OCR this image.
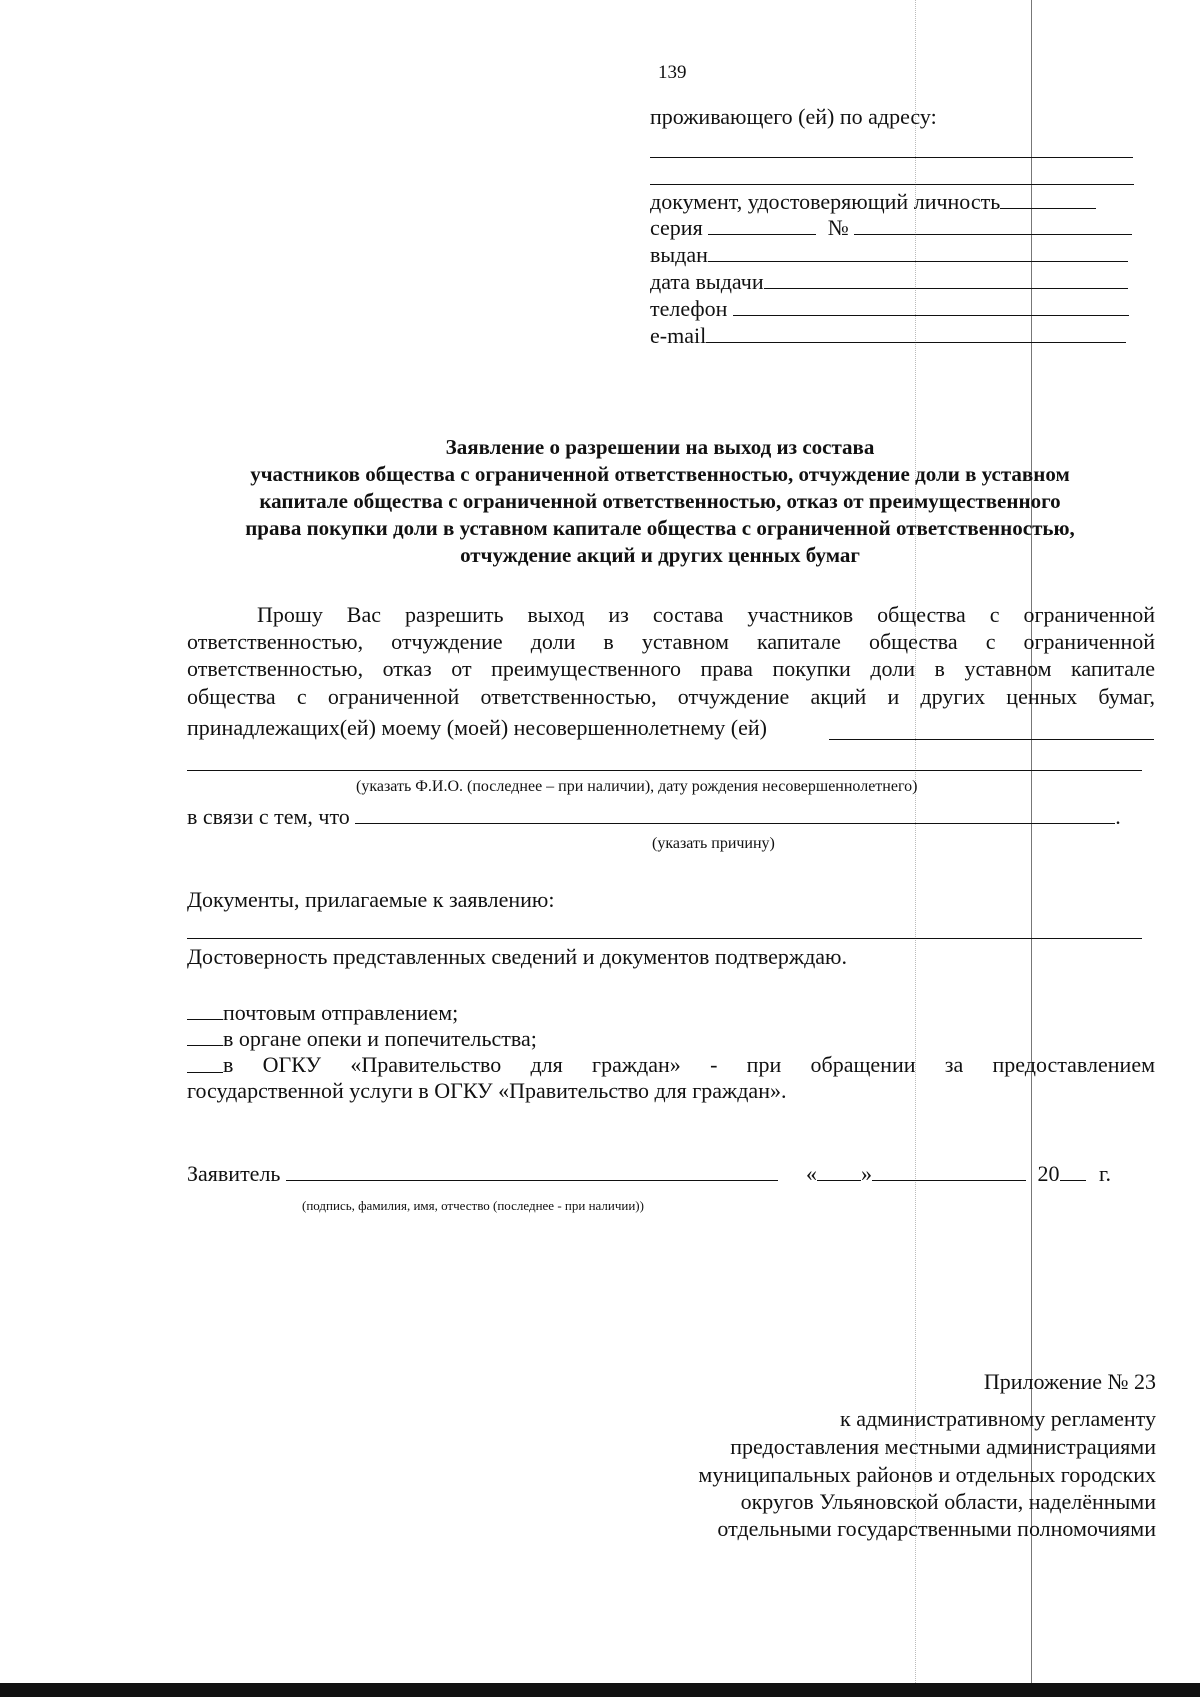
139
проживающего (ей) по адресу:
документ, удостоверяющий личность
серия	№
выдан
дата выдачи
телефон
e-mail
Заявление о разрешении на выход из состава
участников общества с ограниченной ответственностью, отчуждение доли в уставном
капитале общества с ограниченной ответственностью, отказ от преимущественного
права покупки доли в уставном капитале общества с ограниченной ответственностью,
отчуждение акций и других ценных бумаг
Прошу Вас разрешить выход из состава участников общества с ограниченной
ответственностью, отчуждение доли в уставном капитале общества с ограниченной
ответственностью, отказ от преимущественного права покупки доли в уставном капитале
общества с ограниченной ответственностью, отчуждение акций и других ценных бумаг,
принадлежащих(ей) моему (моей) несовершеннолетнему (ей)
(указать Ф.И.О. (последнее – при наличии), дату рождения несовершеннолетнего)
в связи с тем, что	.
(указать причину)
Документы, прилагаемые к заявлению:
Достоверность представленных сведений и документов подтверждаю.
почтовым отправлением;
в органе опеки и попечительства;
в ОГКУ «Правительство для граждан» - при обращении за предоставлением
государственной услуги в ОГКУ «Правительство для граждан».
Заявитель	« »	20 г.
(подпись, фамилия, имя, отчество (последнее - при наличии))
Приложение № 23
к административному регламенту
предоставления местными администрациями
муниципальных районов и отдельных городских
округов Ульяновской области, наделёнными
отдельными государственными полномочиями
